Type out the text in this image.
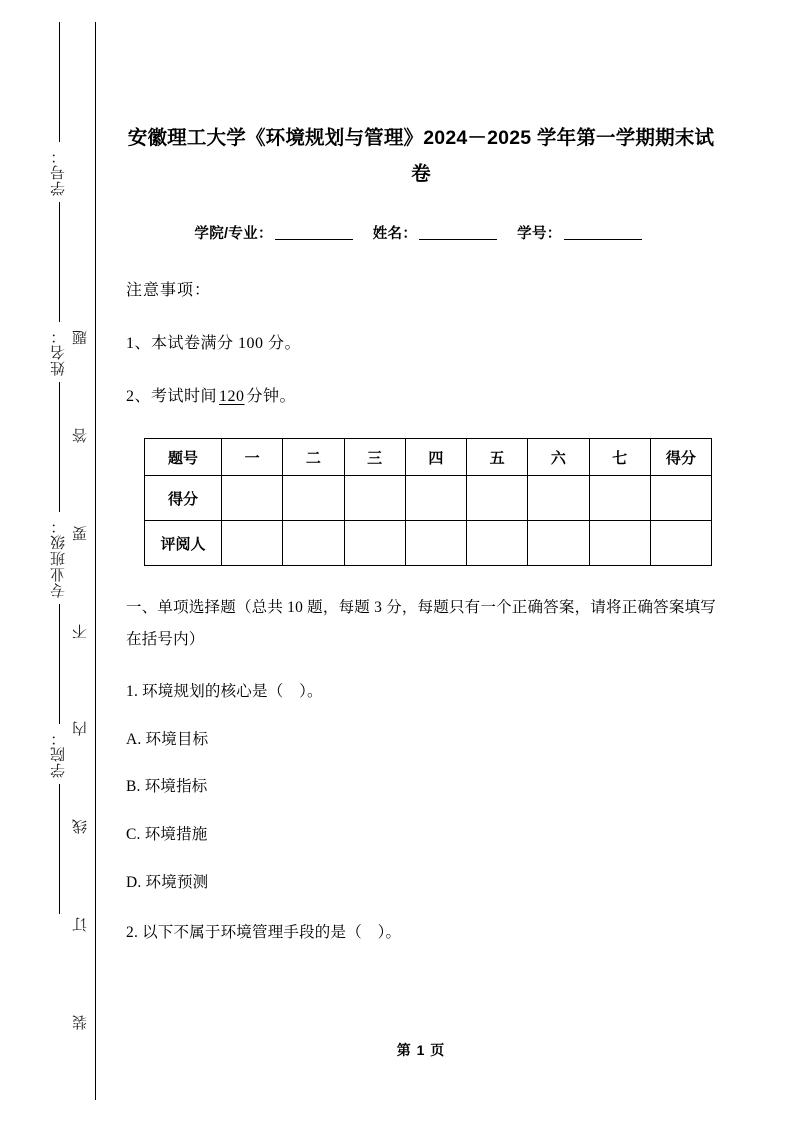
学号：
姓名：
专业班级：
学院：
题
答
要
不
内
线
订
装
安徽理工大学《环境规划与管理》2024－2025 学年第一学期期末试卷
学院/专业：	姓名：	学号：
注意事项：
1、本试卷满分 100 分。
2、考试时间 120 分钟。
题号	一	二	三	四	五	六	七	得分
得分								
评阅人								
一、单项选择题（总共 10 题，每题 3 分，每题只有一个正确答案，请将正确答案填写在括号内）
1. 环境规划的核心是（　）。
A. 环境目标
B. 环境指标
C. 环境措施
D. 环境预测
2. 以下不属于环境管理手段的是（　）。
第 1 页
